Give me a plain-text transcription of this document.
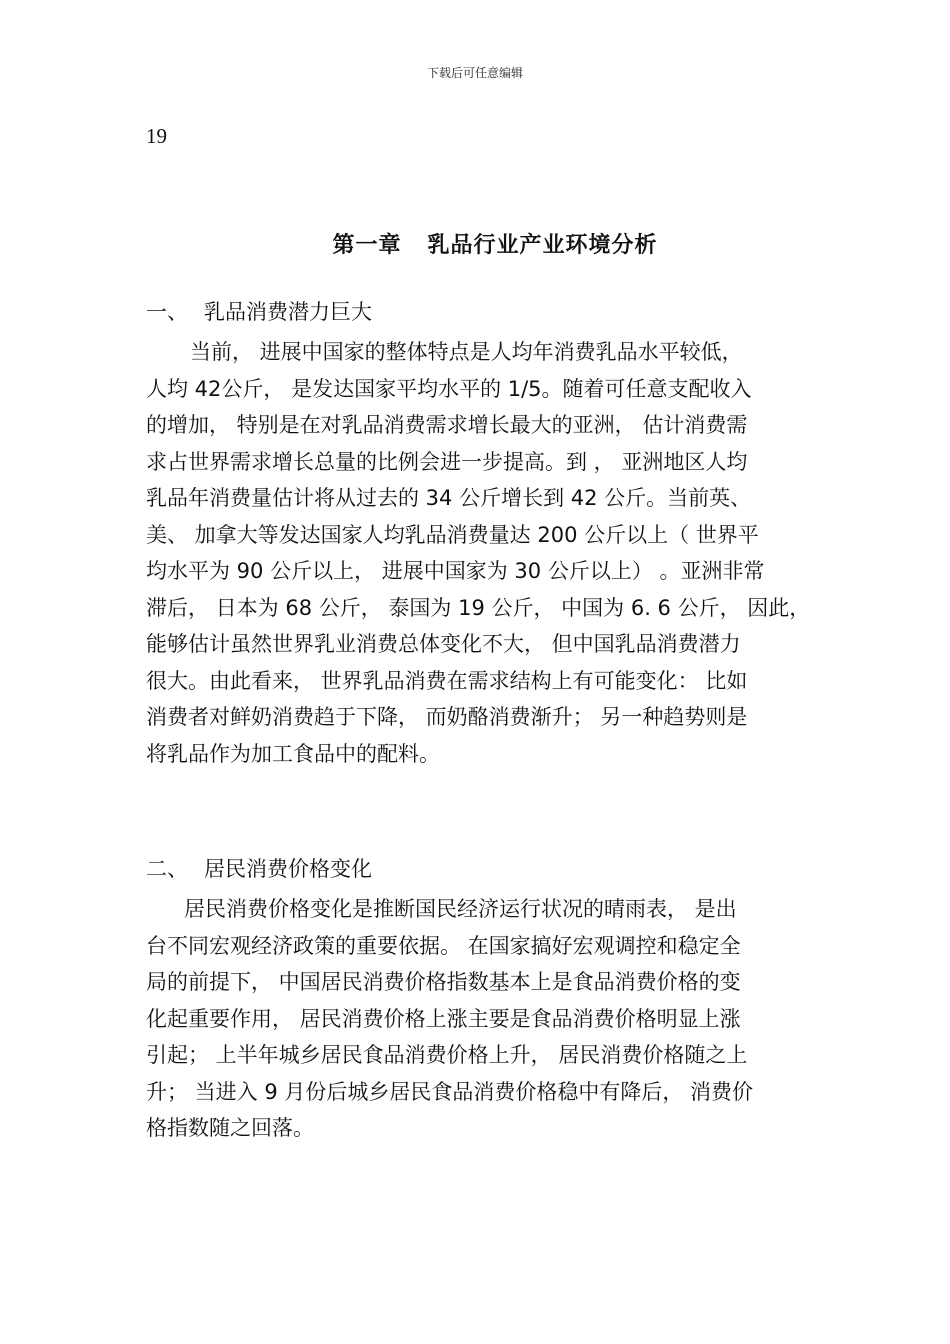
下载后可任意编辑
19
第一章 乳品行业产业环境分析
一、 乳品消费潜力巨大
当前， 进展中国家的整体特点是人均年消费乳品水平较低，
人均 42公斤， 是发达国家平均水平的 1/5。随着可任意支配收入
的增加， 特别是在对乳品消费需求增长最大的亚洲， 估计消费需
求占世界需求增长总量的比例会进一步提高。到 ， 亚洲地区人均
乳品年消费量估计将从过去的 34 公斤增长到 42 公斤。当前英、
美、 加拿大等发达国家人均乳品消费量达 200 公斤以上（ 世界平
均水平为 90 公斤以上， 进展中国家为 30 公斤以上） 。亚洲非常
滞后， 日本为 68 公斤， 泰国为 19 公斤， 中国为 6. 6 公斤， 因此，
能够估计虽然世界乳业消费总体变化不大， 但中国乳品消费潜力
很大。由此看来， 世界乳品消费在需求结构上有可能变化： 比如
消费者对鲜奶消费趋于下降， 而奶酪消费渐升； 另一种趋势则是
将乳品作为加工食品中的配料。
二、 居民消费价格变化
居民消费价格变化是推断国民经济运行状况的晴雨表， 是出
台不同宏观经济政策的重要依据。 在国家搞好宏观调控和稳定全
局的前提下， 中国居民消费价格指数基本上是食品消费价格的变
化起重要作用， 居民消费价格上涨主要是食品消费价格明显上涨
引起； 上半年城乡居民食品消费价格上升， 居民消费价格随之上
升； 当进入 9 月份后城乡居民食品消费价格稳中有降后， 消费价
格指数随之回落。
